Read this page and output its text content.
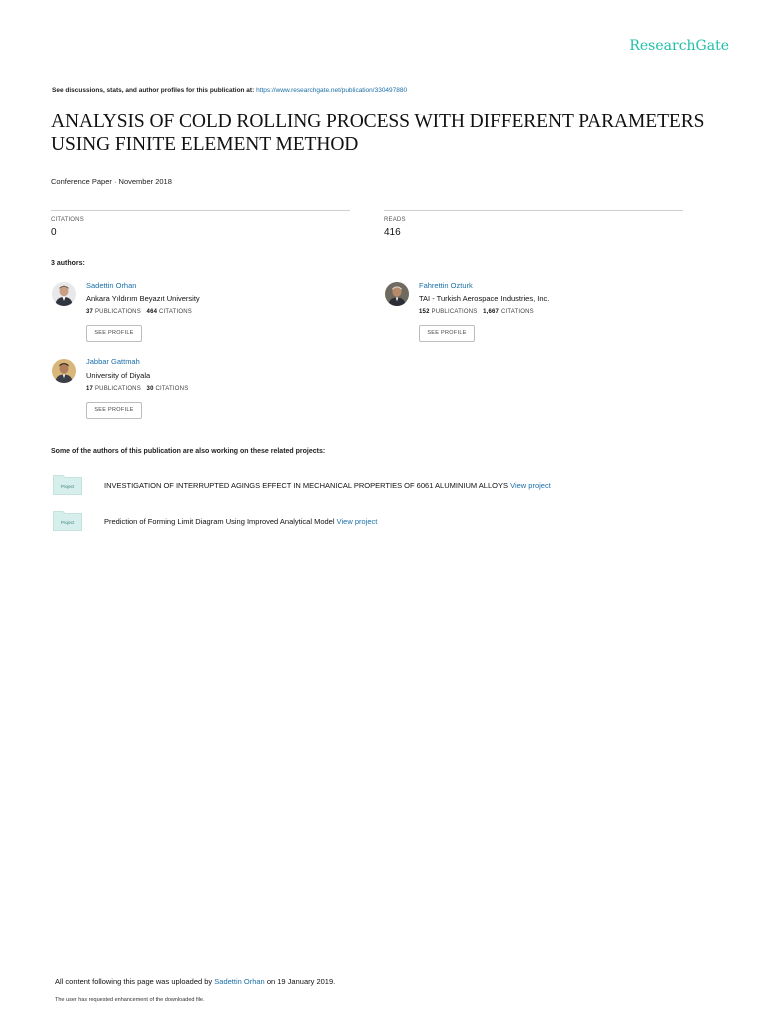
ResearchGate
See discussions, stats, and author profiles for this publication at: https://www.researchgate.net/publication/330497880
ANALYSIS OF COLD ROLLING PROCESS WITH DIFFERENT PARAMETERS USING FINITE ELEMENT METHOD
Conference Paper · November 2018
CITATIONS
0
READS
416
3 authors:
Sadettin Orhan
Ankara Yıldırım Beyazıt University
37 PUBLICATIONS 464 CITATIONS
SEE PROFILE
Fahrettin Ozturk
TAI - Turkish Aerospace Industries, Inc.
152 PUBLICATIONS 1,667 CITATIONS
SEE PROFILE
Jabbar Gattmah
University of Diyala
17 PUBLICATIONS 30 CITATIONS
SEE PROFILE
Some of the authors of this publication are also working on these related projects:
Project	INVESTIGATION OF INTERRUPTED AGINGS EFFECT IN MECHANICAL PROPERTIES OF 6061 ALUMINIUM ALLOYS View project
Project	Prediction of Forming Limit Diagram Using Improved Analytical Model View project
All content following this page was uploaded by Sadettin Orhan on 19 January 2019.
The user has requested enhancement of the downloaded file.
